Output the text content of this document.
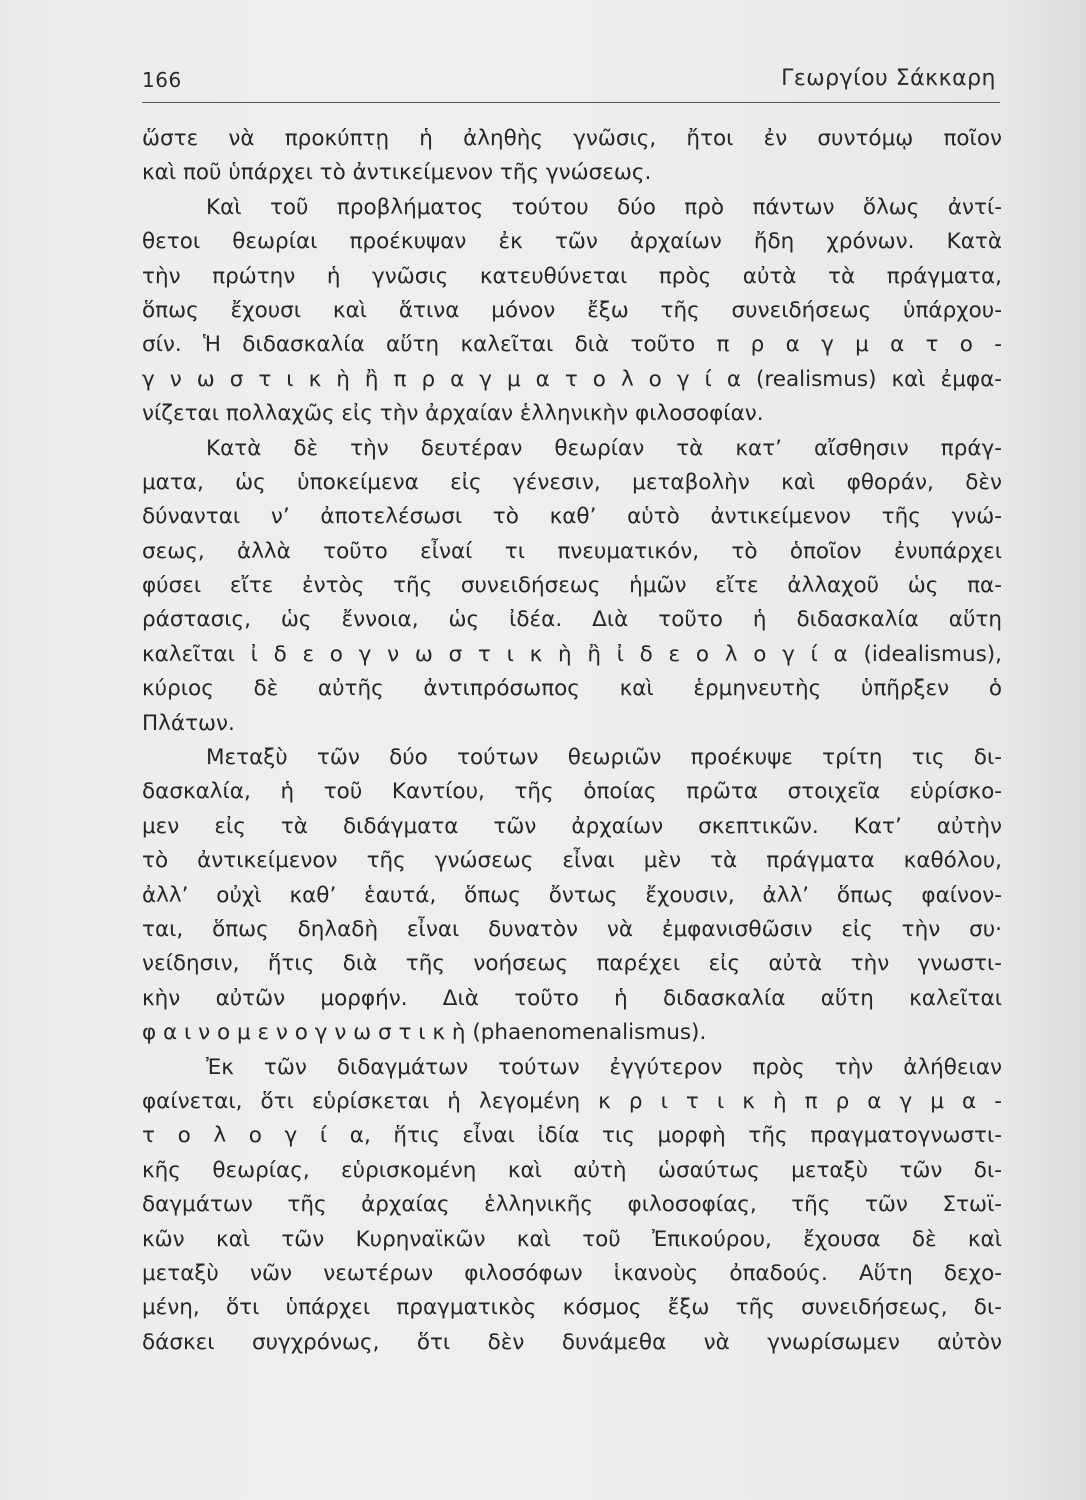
166	Γεωργίου Σάκκαρη
ὥστε νὰ προκύπτῃ ἡ ἀληθὴς γνῶσις, ἤτοι ἐν συντόμῳ ποῖον
καὶ ποῦ ὑπάρχει τὸ ἀντικείμενον τῆς γνώσεως.
Καὶ τοῦ προβλήματος τούτου δύο πρὸ πάντων ὅλως ἀντί-
θετοι θεωρίαι προέκυψαν ἐκ τῶν ἀρχαίων ἤδη χρόνων. Κατὰ
τὴν πρώτην ἡ γνῶσις κατευθύνεται πρὸς αὐτὰ τὰ πράγματα,
ὅπως ἔχουσι καὶ ἅτινα μόνον ἔξω τῆς συνειδήσεως ὑπάρχου-
σίν. Ἡ διδασκαλία αὕτη καλεῖται διὰ τοῦτο π ρ α γ μ α τ ο -
γ ν ω σ τ ι κ ὴ ἢ π ρ α γ μ α τ ο λ ο γ ί α (realismus) καὶ ἐμφα-
νίζεται πολλαχῶς εἰς τὴν ἀρχαίαν ἑλληνικὴν φιλοσοφίαν.
Κατὰ δὲ τὴν δευτέραν θεωρίαν τὰ κατ’ αἴσθησιν πράγ-
ματα, ὡς ὑποκείμενα εἰς γένεσιν, μεταβολὴν καὶ φθοράν, δὲν
δύνανται ν’ ἀποτελέσωσι τὸ καθ’ αὑτὸ ἀντικείμενον τῆς γνώ-
σεως, ἀλλὰ τοῦτο εἶναί τι πνευματικόν, τὸ ὁποῖον ἐνυπάρχει
φύσει εἴτε ἐντὸς τῆς συνειδήσεως ἡμῶν εἴτε ἀλλαχοῦ ὡς πα-
ράστασις, ὡς ἔννοια, ὡς ἰδέα. Διὰ τοῦτο ἡ διδασκαλία αὕτη
καλεῖται ἰ δ ε ο γ ν ω σ τ ι κ ὴ ἢ ἰ δ ε ο λ ο γ ί α (idealismus),
κύριος δὲ αὐτῆς ἀντιπρόσωπος καὶ ἑρμηνευτὴς ὑπῆρξεν ὁ
Πλάτων.
Μεταξὺ τῶν δύο τούτων θεωριῶν προέκυψε τρίτη τις δι-
δασκαλία, ἡ τοῦ Καντίου, τῆς ὁποίας πρῶτα στοιχεῖα εὑρίσκο-
μεν εἰς τὰ διδάγματα τῶν ἀρχαίων σκεπτικῶν. Κατ’ αὐτὴν
τὸ ἀντικείμενον τῆς γνώσεως εἶναι μὲν τὰ πράγματα καθόλου,
ἀλλ’ οὐχὶ καθ’ ἑαυτά, ὅπως ὄντως ἔχουσιν, ἀλλ’ ὅπως φαίνον-
ται, ὅπως δηλαδὴ εἶναι δυνατὸν νὰ ἐμφανισθῶσιν εἰς τὴν συ·
νείδησιν, ἥτις διὰ τῆς νοήσεως παρέχει εἰς αὐτὰ τὴν γνωστι-
κὴν αὐτῶν μορφήν. Διὰ τοῦτο ἡ διδασκαλία αὕτη καλεῖται
φ α ι ν ο μ ε ν ο γ ν ω σ τ ι κ ὴ (phaenomenalismus).
Ἐκ τῶν διδαγμάτων τούτων ἐγγύτερον πρὸς τὴν ἀλήθειαν
φαίνεται, ὅτι εὑρίσκεται ἡ λεγομένη κ ρ ι τ ι κ ὴ π ρ α γ μ α -
τ ο λ ο γ ί α, ἥτις εἶναι ἰδία τις μορφὴ τῆς πραγματογνωστι-
κῆς θεωρίας, εὑρισκομένη καὶ αὐτὴ ὡσαύτως μεταξὺ τῶν δι-
δαγμάτων τῆς ἀρχαίας ἑλληνικῆς φιλοσοφίας, τῆς τῶν Στωϊ-
κῶν καὶ τῶν Κυρηναϊκῶν καὶ τοῦ Ἐπικούρου, ἔχουσα δὲ καὶ
μεταξὺ νῶν νεωτέρων φιλοσόφων ἱκανοὺς ὀπαδούς. Αὕτη δεχο-
μένη, ὅτι ὑπάρχει πραγματικὸς κόσμος ἔξω τῆς συνειδήσεως, δι-
δάσκει συγχρόνως, ὅτι δὲν δυνάμεθα νὰ γνωρίσωμεν αὐτὸν
